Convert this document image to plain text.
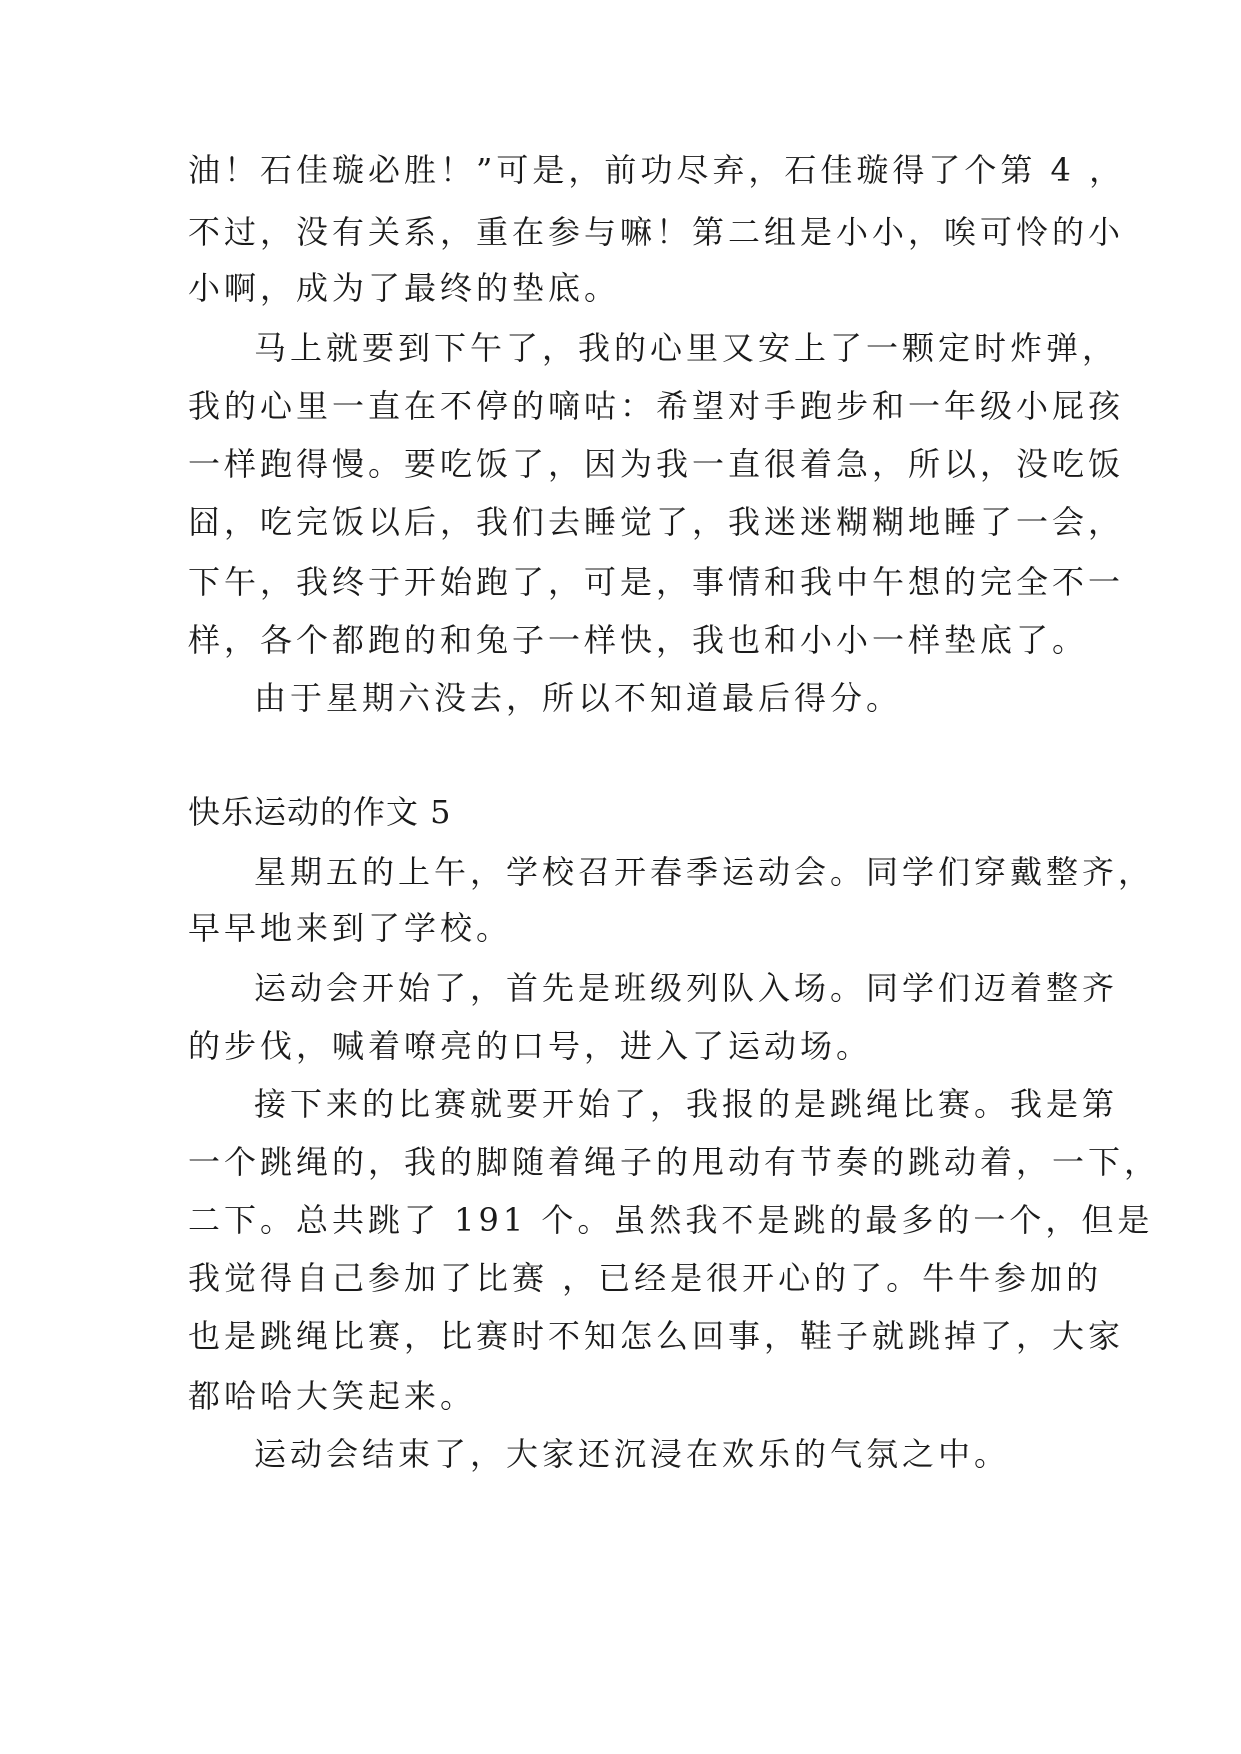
油！石佳璇必胜！”可是，前功尽弃，石佳璇得了个第 4 ，
不过，没有关系，重在参与嘛！第二组是小小，唉可怜的小
小啊，成为了最终的垫底。
马上就要到下午了，我的心里又安上了一颗定时炸弹，
我的心里一直在不停的嘀咕：希望对手跑步和一年级小屁孩
一样跑得慢。要吃饭了，因为我一直很着急，所以，没吃饭
囧，吃完饭以后，我们去睡觉了，我迷迷糊糊地睡了一会，
下午，我终于开始跑了，可是，事情和我中午想的完全不一
样，各个都跑的和兔子一样快，我也和小小一样垫底了。
由于星期六没去，所以不知道最后得分。
快乐运动的作文 5
星期五的上午，学校召开春季运动会。同学们穿戴整齐，
早早地来到了学校。
运动会开始了，首先是班级列队入场。同学们迈着整齐
的步伐，喊着嘹亮的口号，进入了运动场。
接下来的比赛就要开始了，我报的是跳绳比赛。我是第
一个跳绳的，我的脚随着绳子的甩动有节奏的跳动着，一下，
二下。总共跳了 191 个。虽然我不是跳的最多的一个，但是
我觉得自己参加了比赛 ，已经是很开心的了。牛牛参加的
也是跳绳比赛，比赛时不知怎么回事，鞋子就跳掉了，大家
都哈哈大笑起来。
运动会结束了，大家还沉浸在欢乐的气氛之中。
